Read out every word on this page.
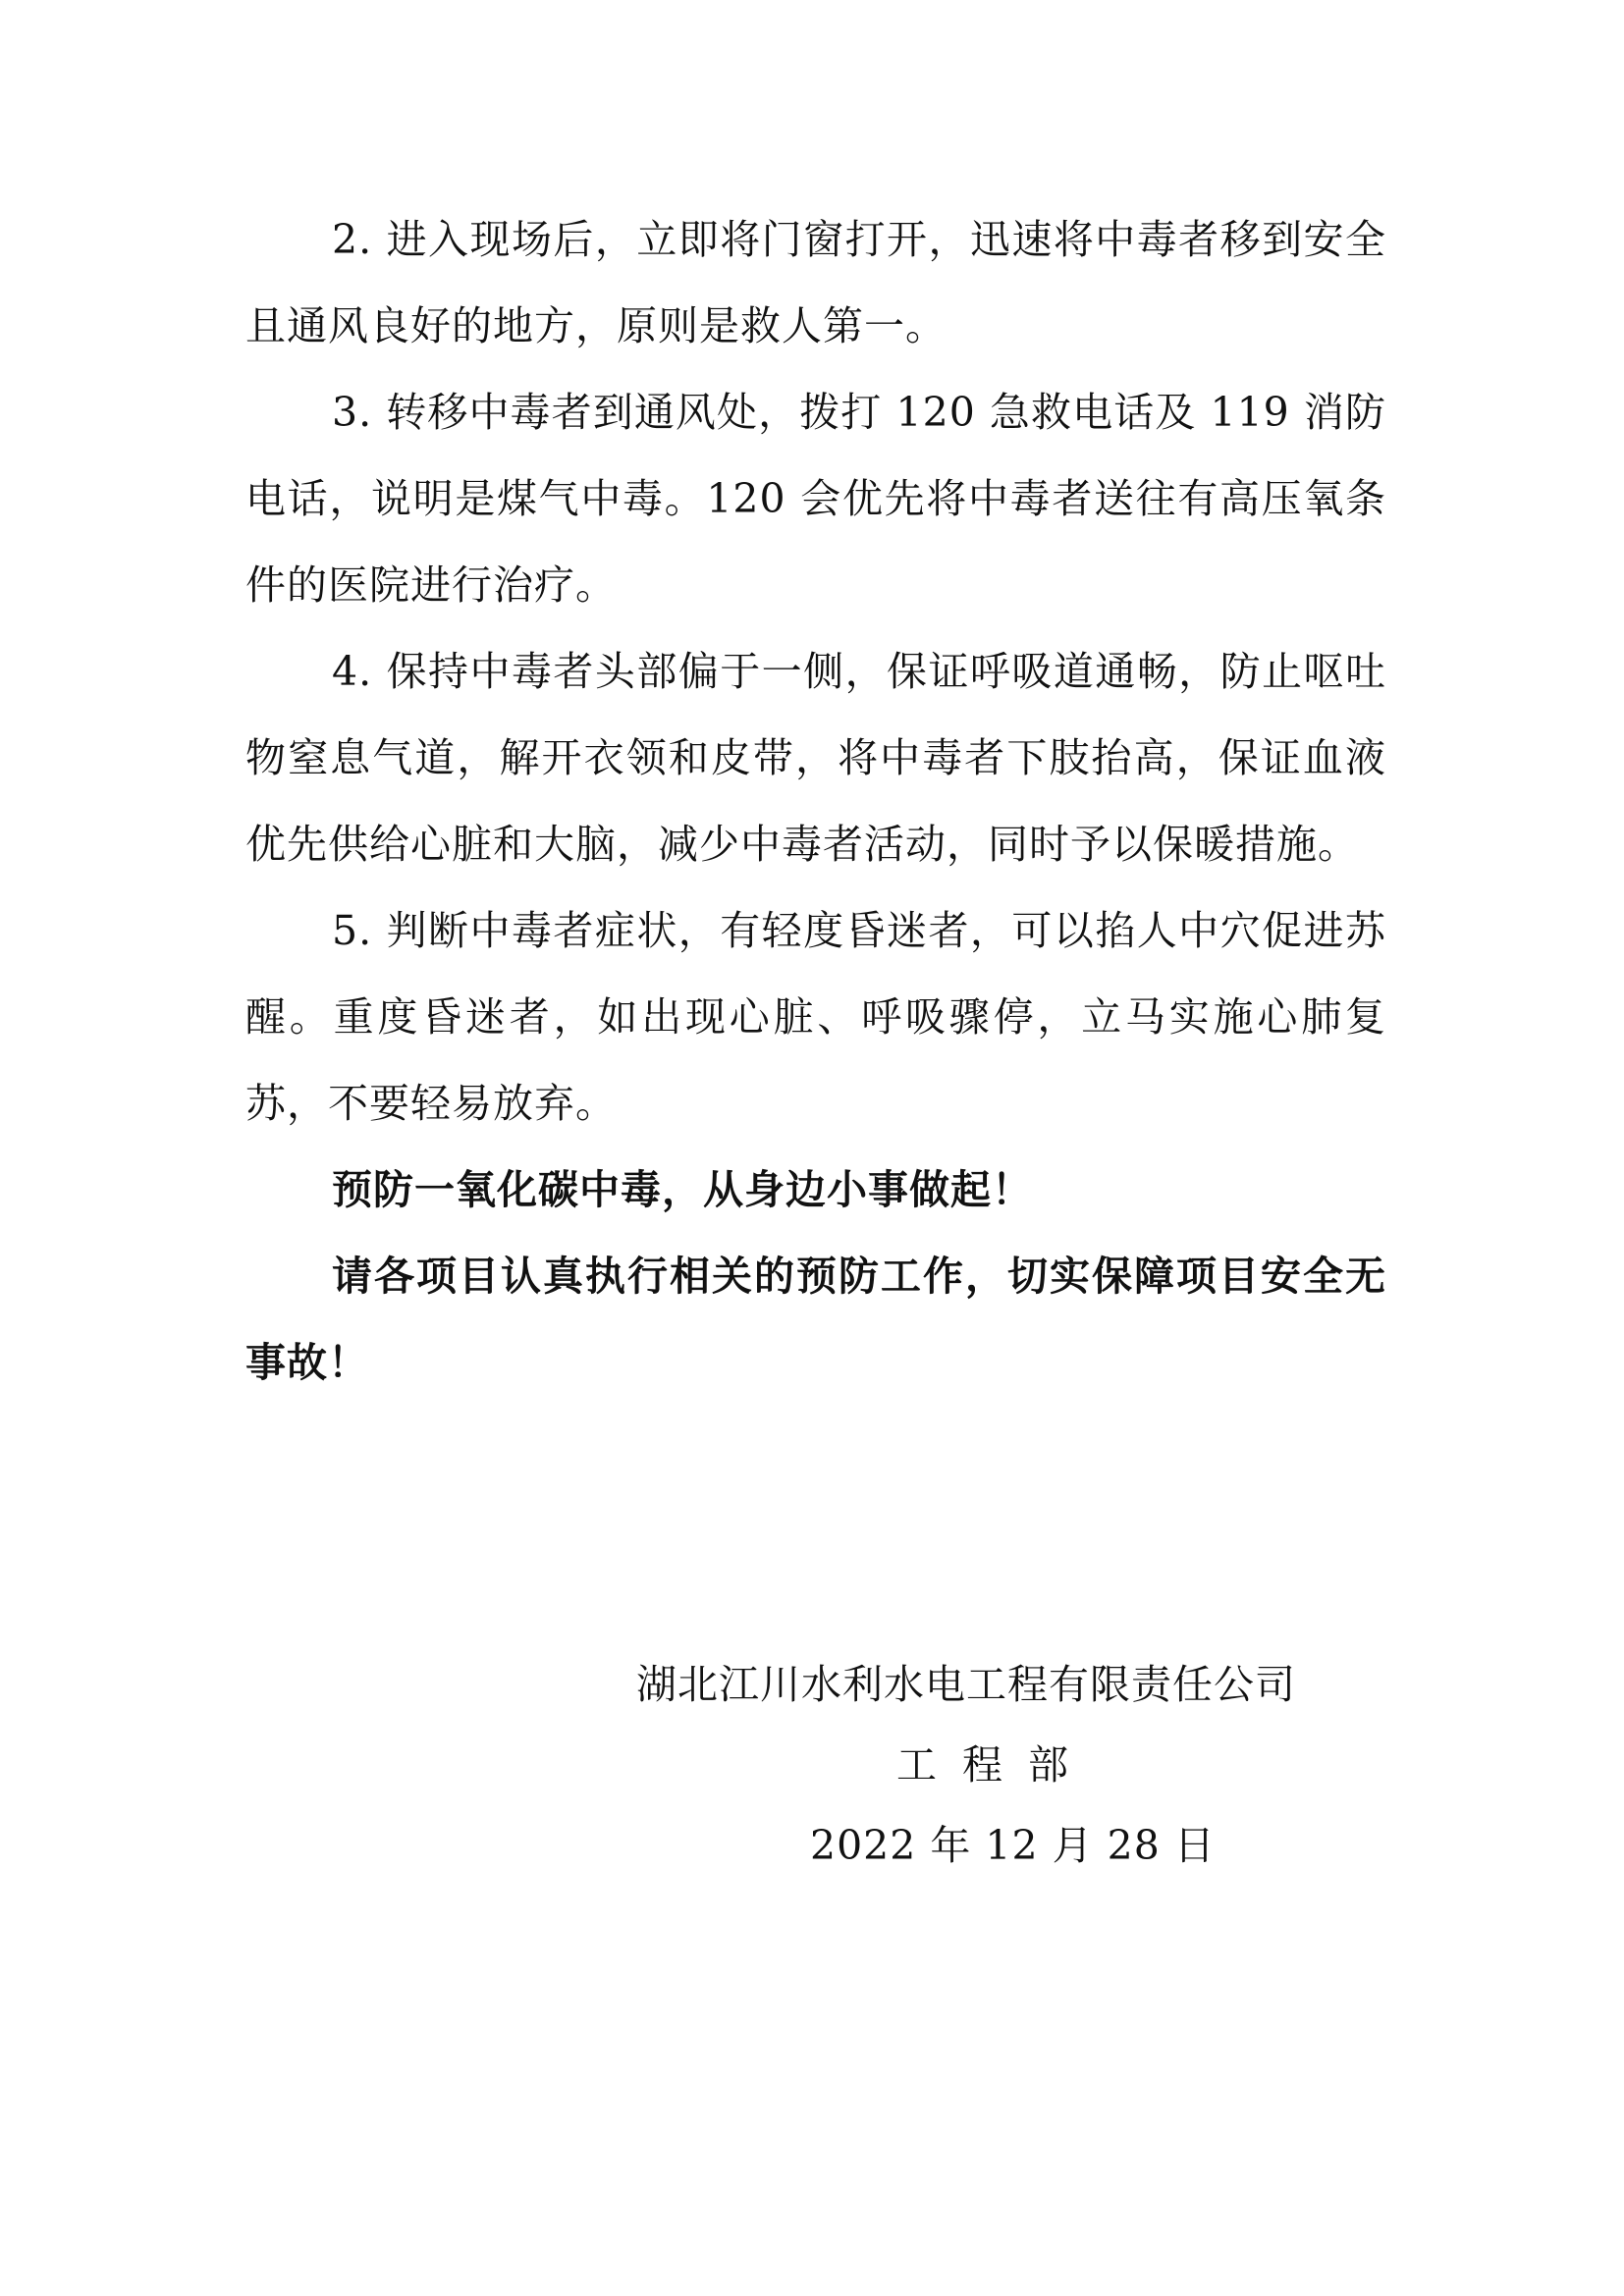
2. 进入现场后，立即将门窗打开，迅速将中毒者移到安全且通风良好的地方，原则是救人第一。

3. 转移中毒者到通风处，拨打 120 急救电话及 119 消防电话，说明是煤气中毒。120 会优先将中毒者送往有高压氧条件的医院进行治疗。

4. 保持中毒者头部偏于一侧，保证呼吸道通畅，防止呕吐物窒息气道，解开衣领和皮带，将中毒者下肢抬高，保证血液优先供给心脏和大脑，减少中毒者活动，同时予以保暖措施。

5. 判断中毒者症状，有轻度昏迷者，可以掐人中穴促进苏醒。重度昏迷者，如出现心脏、呼吸骤停，立马实施心肺复苏，不要轻易放弃。

预防一氧化碳中毒，从身边小事做起！

请各项目认真执行相关的预防工作，切实保障项目安全无事故！

湖北江川水利水电工程有限责任公司
工程部
2022 年 12 月 28 日
